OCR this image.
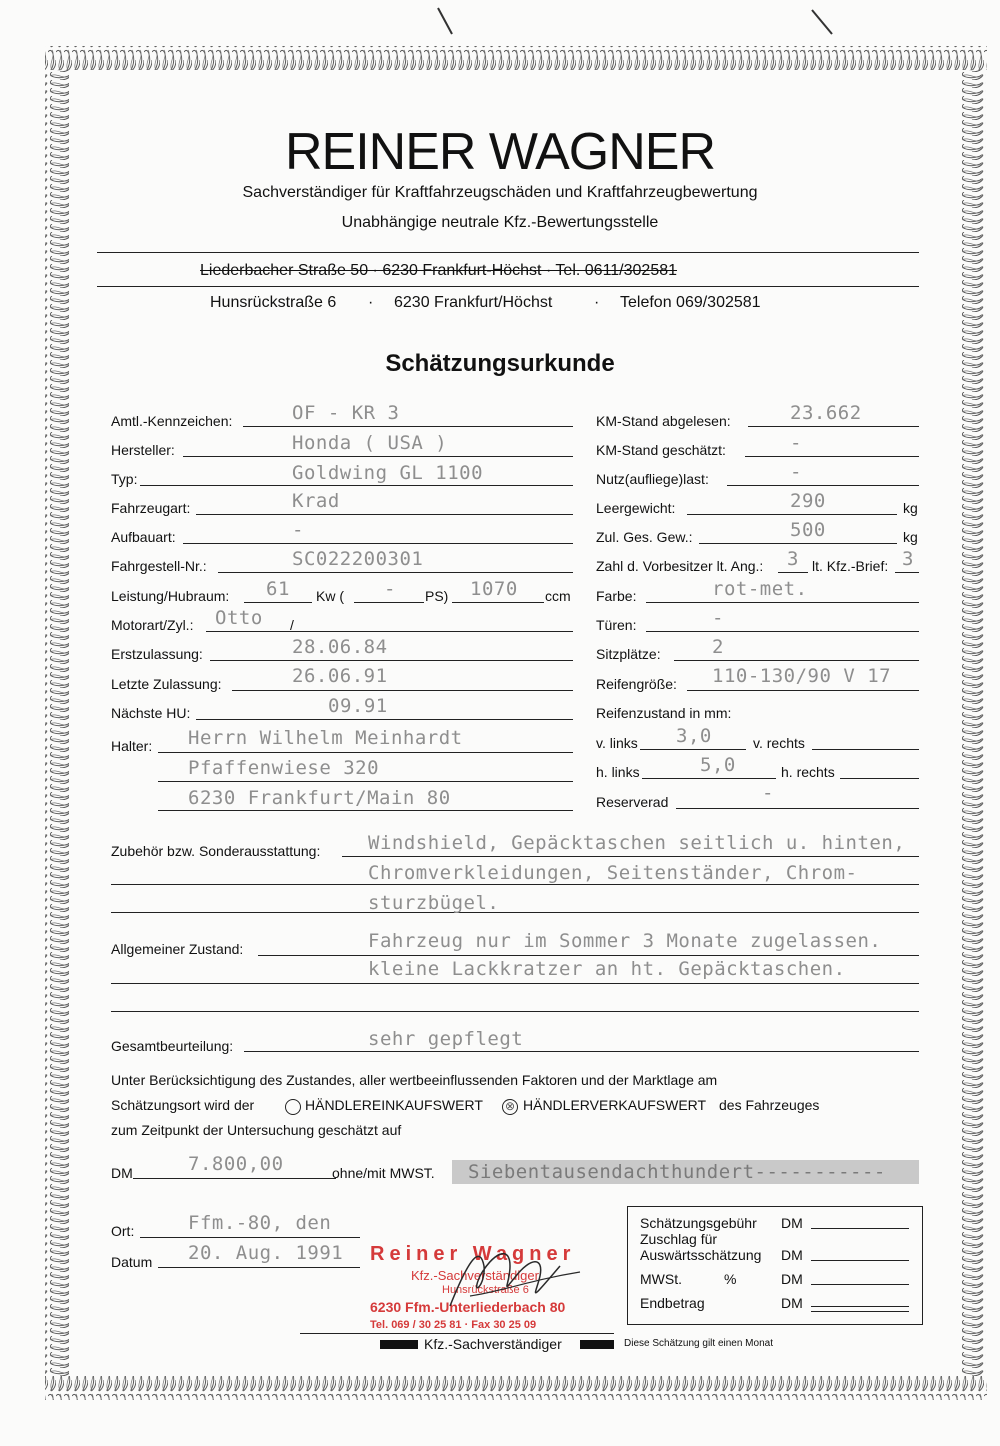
REINER WAGNER
Sachverständiger für Kraftfahrzeugschäden und Kraftfahrzeugbewertung
Unabhängige neutrale Kfz.-Bewertungsstelle
Liederbacher Straße 50 · 6230 Frankfurt-Höchst · Tel. 0611/302581
Hunsrückstraße 6 · 6230 Frankfurt/Höchst	· Telefon 069/302581
Schätzungsurkunde
Amtl.-Kennzeichen:	OF - KR 3
Hersteller:	Honda ( USA )
Typ:	Goldwing GL 1100
Fahrzeugart:	Krad
Aufbauart:	-
Fahrgestell-Nr.:	SC022200301
Leistung/Hubraum: 61 Kw ( - PS) 1070 ccm
Motorart/Zyl.: Otto /
Erstzulassung:	28.06.84
Letzte Zulassung:	26.06.91
Nächste HU:	09.91
Halter: Herrn Wilhelm Meinhardt
Pfaffenwiese 320
6230 Frankfurt/Main 80
KM-Stand abgelesen:	23.662
KM-Stand geschätzt:	-
Nutz(aufliege)last:	-
Leergewicht:	290	kg
Zul. Ges. Gew.:	500	kg
Zahl d. Vorbesitzer lt. Ang.: 3 lt. Kfz.-Brief: 3
Farbe:	rot-met.
Türen:	-
Sitzplätze:	2
Reifengröße: 110-130/90 V 17
Reifenzustand in mm:
v. links 3,0	v. rechts
h. links	5,0	h. rechts
Reserverad	-
Zubehör bzw. Sonderausstattung:	Windshield, Gepäcktaschen seitlich u. hinten,
Chromverkleidungen, Seitenständer, Chrom-
sturzbügel.
Allgemeiner Zustand:	Fahrzeug nur im Sommer 3 Monate zugelassen.
kleine Lackkratzer an ht. Gepäcktaschen.
Gesamtbeurteilung:	sehr gepflegt
Unter Berücksichtigung des Zustandes, aller wertbeeinflussenden Faktoren und der Marktlage am
Schätzungsort wird der	HÄNDLEREINKAUFSWERT ⊗ HÄNDLERVERKAUFSWERT des Fahrzeuges
zum Zeitpunkt der Untersuchung geschätzt auf
DM	7.800,00	ohne/mit MWST. Siebentausendachthundert-----------
Ort:	Ffm.-80, den
Datum 20. Aug. 1991 Reiner Wagner
Kfz.-Sachverständiger
Hunsrückstraße 6
6230 Ffm.-Unterliederbach 80
Tel. 069 / 30 25 81 · Fax 30 25 09
Kfz.-Sachverständiger	Diese Schätzung gilt einen Monat
Schätzungsgebühr DM
Zuschlag für
Auswärtsschätzung DM
MWSt.	%	DM
Endbetrag	DM
